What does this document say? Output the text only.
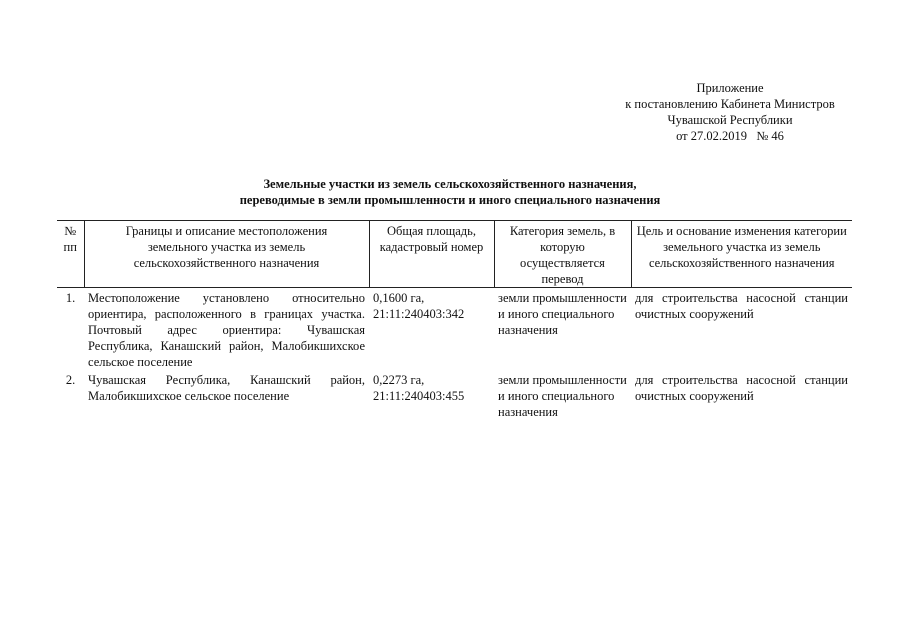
Приложение
к постановлению Кабинета Министров
Чувашской Республики
от 27.02.2019   № 46
Земельные участки из земель сельскохозяйственного назначения,
переводимые в земли промышленности и иного специального назначения
№ пп	Границы и описание местоположения земельного участка из земель сельскохозяйственного назначения	Общая площадь, кадастровый номер	Категория земель, в которую осуществляется перевод	Цель и основание изменения категории земельного участка из земель сельскохозяйственного назначения
1.	Местоположение установлено относительно ориентира, расположенного в границах участка. Почтовый адрес ориентира: Чувашская Республика, Канашский район, Малобикшихское сельское поселение	0,1600 га, 21:11:240403:342	земли промышленности и иного специального назначения	для строительства насосной станции очистных сооружений
2.	Чувашская Республика, Канашский район, Малобикшихское сельское поселение	0,2273 га, 21:11:240403:455	земли промышленности и иного специального назначения	для строительства насосной станции очистных сооружений
